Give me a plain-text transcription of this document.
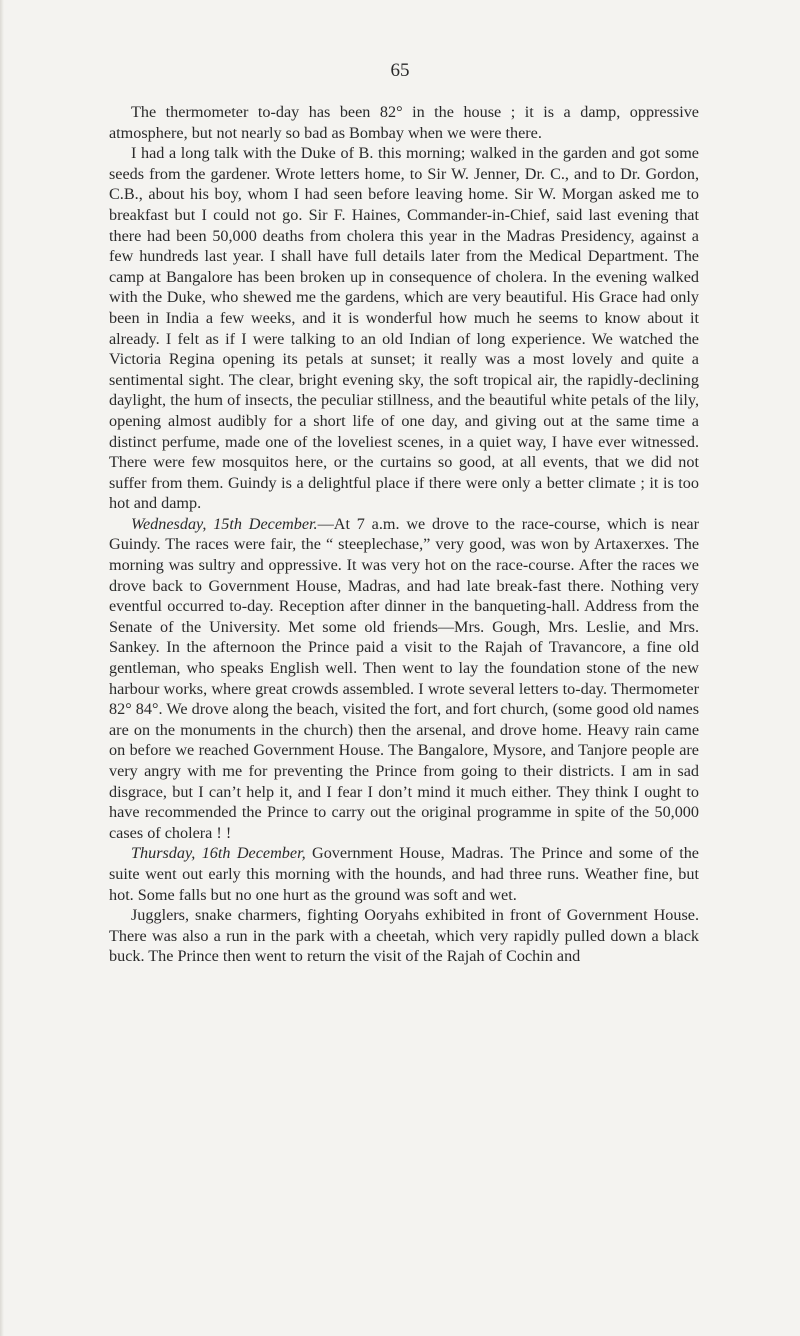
65

The thermometer to-day has been 82° in the house ; it is a damp, oppressive atmosphere, but not nearly so bad as Bombay when we were there.

I had a long talk with the Duke of B. this morning; walked in the garden and got some seeds from the gardener. Wrote letters home, to Sir W. Jenner, Dr. C., and to Dr. Gordon, C.B., about his boy, whom I had seen before leaving home. Sir W. Morgan asked me to breakfast but I could not go. Sir F. Haines, Commander-in-Chief, said last evening that there had been 50,000 deaths from cholera this year in the Madras Presidency, against a few hundreds last year. I shall have full details later from the Medical Department. The camp at Bangalore has been broken up in consequence of cholera. In the evening walked with the Duke, who shewed me the gardens, which are very beautiful. His Grace had only been in India a few weeks, and it is wonderful how much he seems to know about it already. I felt as if I were talking to an old Indian of long experience. We watched the Victoria Regina opening its petals at sunset; it really was a most lovely and quite a sentimental sight. The clear, bright evening sky, the soft tropical air, the rapidly-declining daylight, the hum of insects, the peculiar stillness, and the beautiful white petals of the lily, opening almost audibly for a short life of one day, and giving out at the same time a distinct perfume, made one of the loveliest scenes, in a quiet way, I have ever witnessed. There were few mosquitos here, or the curtains so good, at all events, that we did not suffer from them. Guindy is a delightful place if there were only a better climate ; it is too hot and damp.

Wednesday, 15th December.—At 7 a.m. we drove to the race-course, which is near Guindy. The races were fair, the “ steeplechase,” very good, was won by Artaxerxes. The morning was sultry and oppressive. It was very hot on the race-course. After the races we drove back to Government House, Madras, and had late break-fast there. Nothing very eventful occurred to-day. Reception after dinner in the banqueting-hall. Address from the Senate of the University. Met some old friends—Mrs. Gough, Mrs. Leslie, and Mrs. Sankey. In the afternoon the Prince paid a visit to the Rajah of Travancore, a fine old gentleman, who speaks English well. Then went to lay the foundation stone of the new harbour works, where great crowds assembled. I wrote several letters to-day. Thermometer 82° 84°. We drove along the beach, visited the fort, and fort church, (some good old names are on the monuments in the church) then the arsenal, and drove home. Heavy rain came on before we reached Government House. The Bangalore, Mysore, and Tanjore people are very angry with me for preventing the Prince from going to their districts. I am in sad disgrace, but I can’t help it, and I fear I don’t mind it much either. They think I ought to have recommended the Prince to carry out the original programme in spite of the 50,000 cases of cholera ! !

Thursday, 16th December, Government House, Madras. The Prince and some of the suite went out early this morning with the hounds, and had three runs. Weather fine, but hot. Some falls but no one hurt as the ground was soft and wet.

Jugglers, snake charmers, fighting Ooryahs exhibited in front of Government House. There was also a run in the park with a cheetah, which very rapidly pulled down a black buck. The Prince then went to return the visit of the Rajah of Cochin and
